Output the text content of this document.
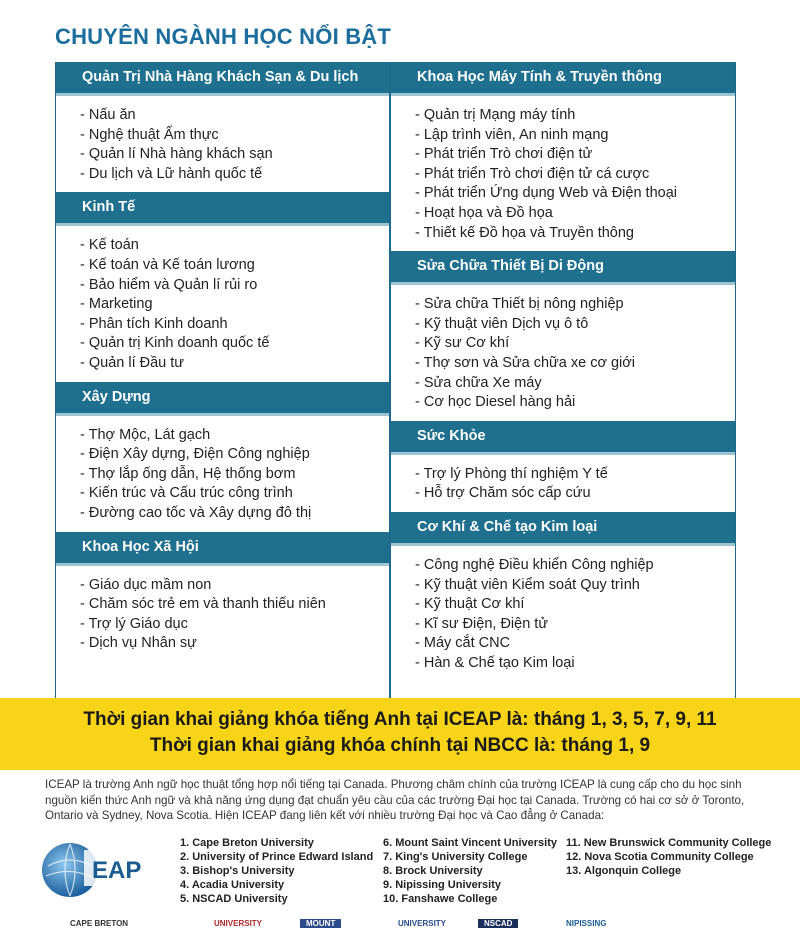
CHUYÊN NGÀNH HỌC NỔI BẬT
Quản Trị Nhà Hàng Khách Sạn & Du lịch
- Nấu ăn
- Nghệ thuật Ẩm thực
- Quản lí Nhà hàng khách sạn
- Du lịch và Lữ hành quốc tế
Kinh Tế
- Kế toán
- Kế toán và Kế toán lương
- Bảo hiểm và Quản lí rủi ro
- Marketing
- Phân tích Kinh doanh
- Quản trị Kinh doanh quốc tế
- Quản lí Đầu tư
Xây Dựng
- Thợ Mộc, Lát gạch
- Điện Xây dựng, Điện Công nghiệp
- Thợ lắp ống dẫn, Hệ thống bơm
- Kiến trúc và Cấu trúc công trình
- Đường cao tốc và Xây dựng đô thị
Khoa Học Xã Hội
- Giáo dục mầm non
- Chăm sóc trẻ em và thanh thiếu niên
- Trợ lý Giáo dục
- Dịch vụ Nhân sự
Khoa Học Máy Tính & Truyền thông
- Quản trị Mạng máy tính
- Lập trình viên, An ninh mạng
- Phát triển Trò chơi điện tử
- Phát triển Trò chơi điện tử cá cược
- Phát triển Ứng dụng Web và Điện thoại
- Hoạt họa và Đồ họa
- Thiết kế Đồ họa và Truyền thông
Sửa Chữa Thiết Bị Di Động
- Sửa chữa Thiết bị nông nghiệp
- Kỹ thuật viên Dịch vụ ô tô
- Kỹ sư Cơ khí
- Thợ sơn và Sửa chữa xe cơ giới
- Sửa chữa Xe máy
- Cơ học Diesel hàng hải
Sức Khỏe
- Trợ lý Phòng thí nghiệm Y tế
- Hỗ trợ Chăm sóc cấp cứu
Cơ Khí & Chế tạo Kim loại
- Công nghệ Điều khiển Công nghiệp
- Kỹ thuật viên Kiểm soát Quy trình
- Kỹ thuật Cơ khí
- Kĩ sư Điện, Điện tử
- Máy cắt CNC
- Hàn & Chế tạo Kim loại
Thời gian khai giảng khóa tiếng Anh tại ICEAP là: tháng 1, 3, 5, 7, 9, 11
Thời gian khai giảng khóa chính tại NBCC là: tháng 1, 9
ICEAP là trường Anh ngữ học thuật tổng hợp nổi tiếng tại Canada. Phương châm chính của trường ICEAP là cung cấp cho du học sinh nguồn kiến thức Anh ngữ và khả năng ứng dụng đạt chuẩn yêu cầu của các trường Đại học tại Canada. Trường có hai cơ sở ở Toronto, Ontario và Sydney, Nova Scotia. Hiện ICEAP đang liên kết với nhiều trường Đại học và Cao đẳng ở Canada:
EAP
1. Cape Breton University
2. University of Prince Edward Island
3. Bishop's University
4. Acadia University
5. NSCAD University
6. Mount Saint Vincent University
7. King's University College
8. Brock University
9. Nipissing University
10. Fanshawe College
11. New Brunswick Community College
12. Nova Scotia Community College
13. Algonquin College
CAPE BRETON	UNIVERSITY	MOUNT	UNIVERSITY	NSCAD	NIPISSING
